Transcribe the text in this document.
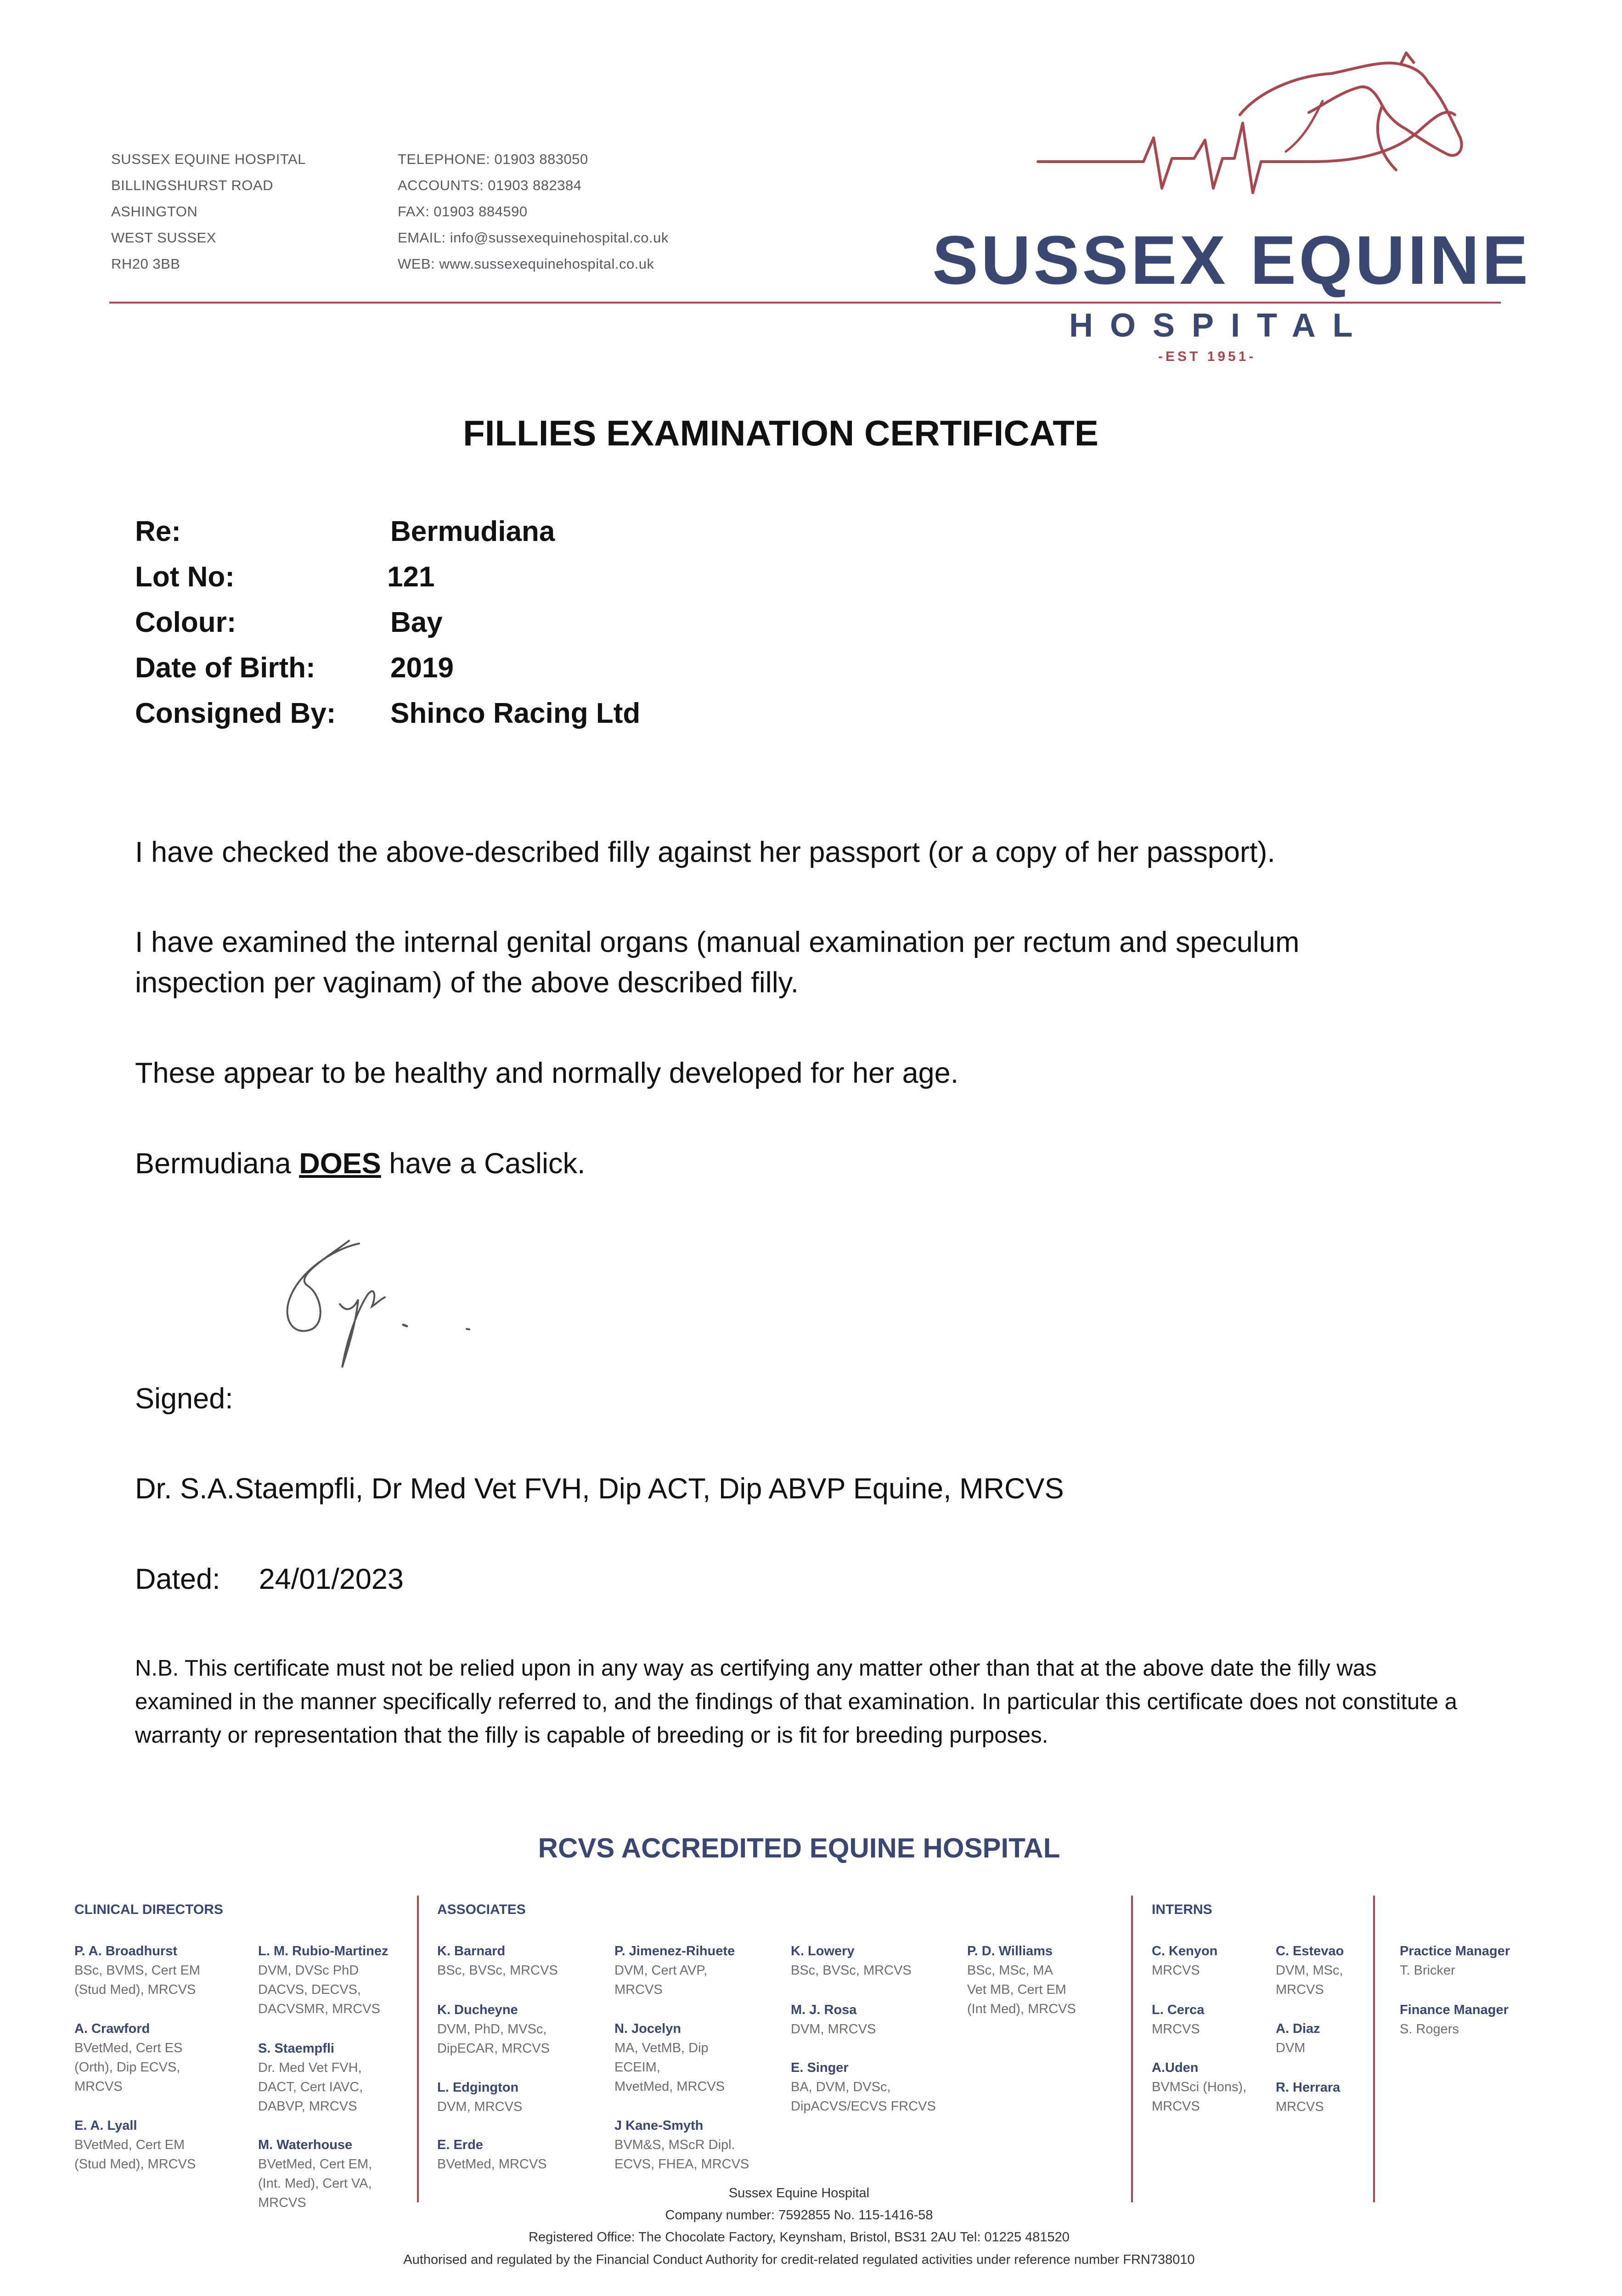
SUSSEX EQUINE HOSPITAL
BILLINGSHURST ROAD
ASHINGTON
WEST SUSSEX
RH20 3BB
TELEPHONE: 01903 883050
ACCOUNTS: 01903 882384
FAX: 01903 884590
EMAIL: info@sussexequinehospital.co.uk
WEB: www.sussexequinehospital.co.uk	SUSSEX EQUINE
HOSPITAL
-EST 1951-
FILLIES EXAMINATION CERTIFICATE
Re:	Bermudiana
Lot No:	121
Colour:	Bay
Date of Birth:	2019
Consigned By: Shinco Racing Ltd
I have checked the above-described filly against her passport (or a copy of her passport).
I have examined the internal genital organs (manual examination per rectum and speculum inspection per vaginam) of the above described filly.
These appear to be healthy and normally developed for her age.
Bermudiana DOES have a Caslick.
Signed:
Dr. S.A.Staempfli, Dr Med Vet FVH, Dip ACT, Dip ABVP Equine, MRCVS
Dated: 24/01/2023
N.B. This certificate must not be relied upon in any way as certifying any matter other than that at the above date the filly was examined in the manner specifically referred to, and the findings of that examination. In particular this certificate does not constitute a warranty or representation that the filly is capable of breeding or is fit for breeding purposes.
RCVS ACCREDITED EQUINE HOSPITAL
CLINICAL DIRECTORS	ASSOCIATES	INTERNS
P. A. Broadhurst
BSc, BVMS, Cert EM
(Stud Med), MRCVS
A. Crawford
BVetMed, Cert ES
(Orth), Dip ECVS,
MRCVS
E. A. Lyall
BVetMed, Cert EM
(Stud Med), MRCVS
L. M. Rubio-Martinez
DVM, DVSc PhD
DACVS, DECVS,
DACVSMR, MRCVS
S. Staempfli
Dr. Med Vet FVH,
DACT, Cert IAVC,
DABVP, MRCVS
M. Waterhouse
BVetMed, Cert EM,
(Int. Med), Cert VA,
MRCVS
K. Barnard
BSc, BVSc, MRCVS
K. Ducheyne
DVM, PhD, MVSc,
DipECAR, MRCVS
L. Edgington
DVM, MRCVS
E. Erde
BVetMed, MRCVS
P. Jimenez-Rihuete
DVM, Cert AVP,
MRCVS
N. Jocelyn
MA, VetMB, Dip
ECEIM,
MvetMed, MRCVS
J Kane-Smyth
BVM&S, MScR Dipl.
ECVS, FHEA, MRCVS
K. Lowery
BSc, BVSc, MRCVS
M. J. Rosa
DVM, MRCVS
E. Singer
BA, DVM, DVSc,
DipACVS/ECVS FRCVS
P. D. Williams
BSc, MSc, MA
Vet MB, Cert EM
(Int Med), MRCVS
C. Kenyon
MRCVS
L. Cerca
MRCVS
A.Uden
BVMSci (Hons),
MRCVS
C. Estevao
DVM, MSc,
MRCVS
A. Diaz
DVM
R. Herrara
MRCVS
Practice Manager
T. Bricker
Finance Manager
S. Rogers
Sussex Equine Hospital
Company number: 7592855 No. 115-1416-58
Registered Office: The Chocolate Factory, Keynsham, Bristol, BS31 2AU Tel: 01225 481520
Authorised and regulated by the Financial Conduct Authority for credit-related regulated activities under reference number FRN738010
